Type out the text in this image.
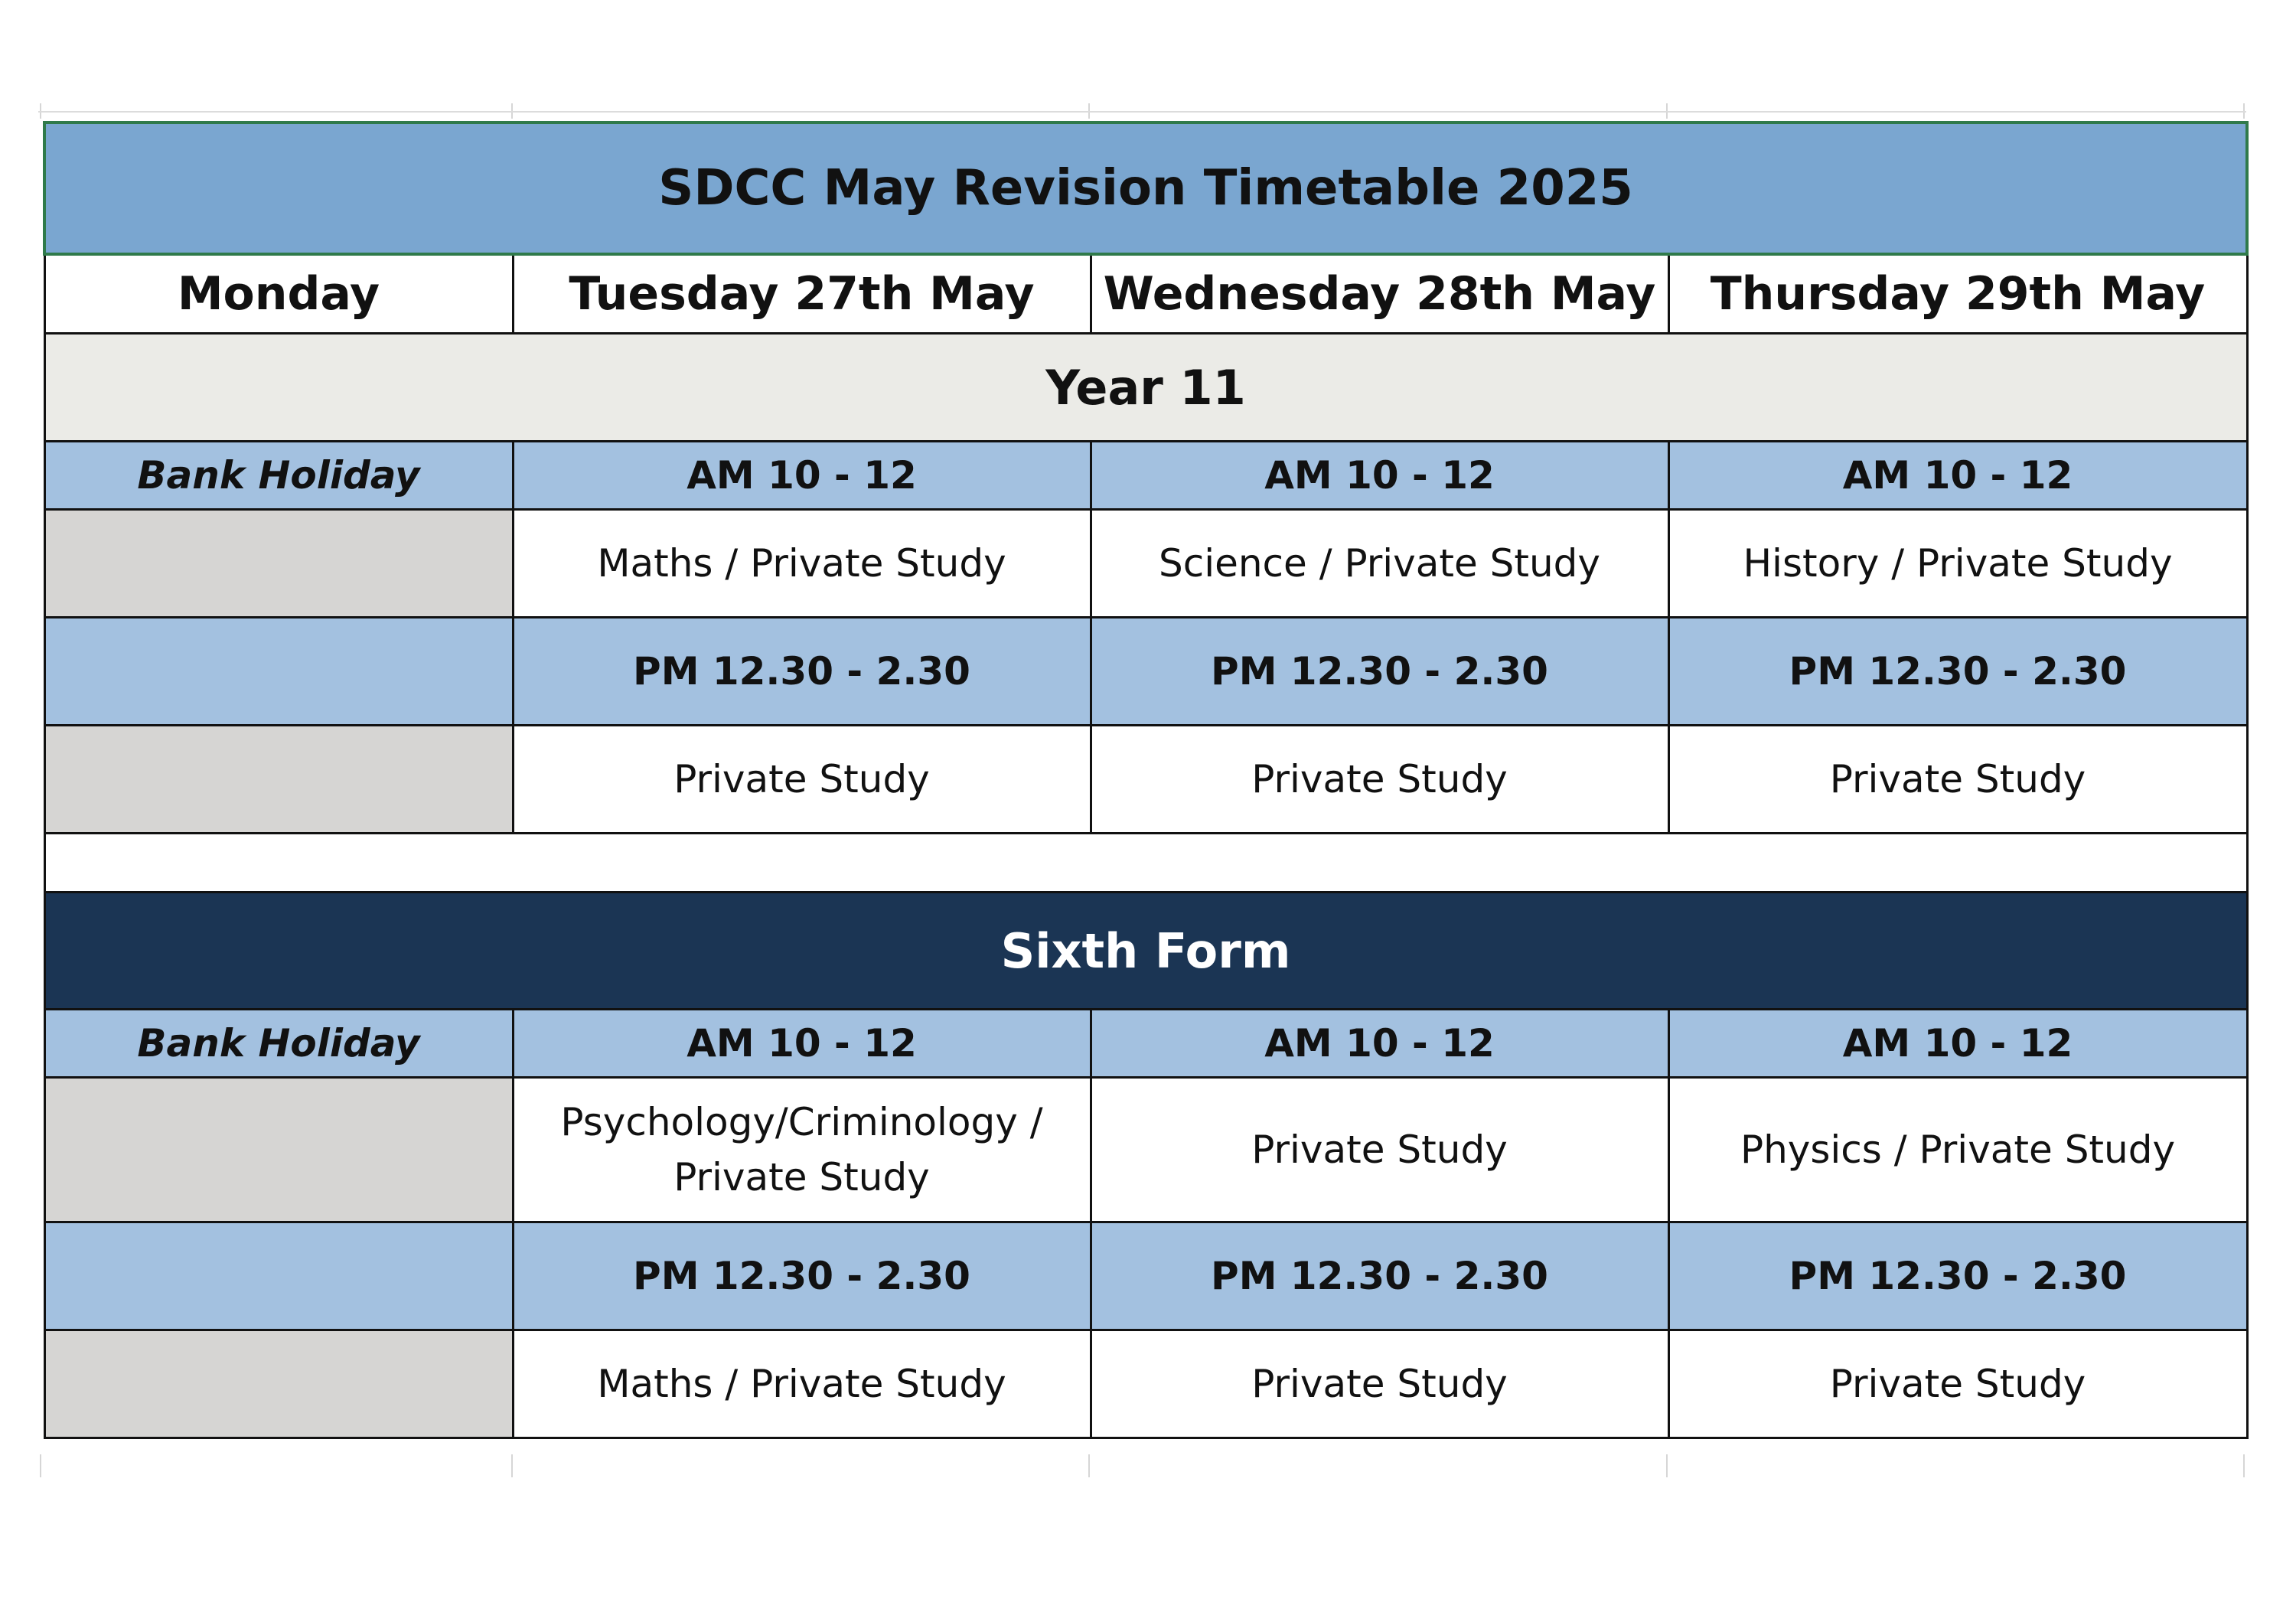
SDCC May Revision Timetable 2025			
Monday	Tuesday 27th May	Wednesday 28th May	Thursday 29th May
Year 11			
Bank Holiday	AM 10 - 12	AM 10 - 12	AM 10 - 12
	Maths / Private Study	Science / Private Study	History / Private Study
	PM 12.30 - 2.30	PM 12.30 - 2.30	PM 12.30 - 2.30
	Private Study	Private Study	Private Study

Sixth Form			
Bank Holiday	AM 10 - 12	AM 10 - 12	AM 10 - 12
	Psychology/Criminology / Private Study	Private Study	Physics / Private Study
	PM 12.30 - 2.30	PM 12.30 - 2.30	PM 12.30 - 2.30
	Maths / Private Study	Private Study	Private Study
